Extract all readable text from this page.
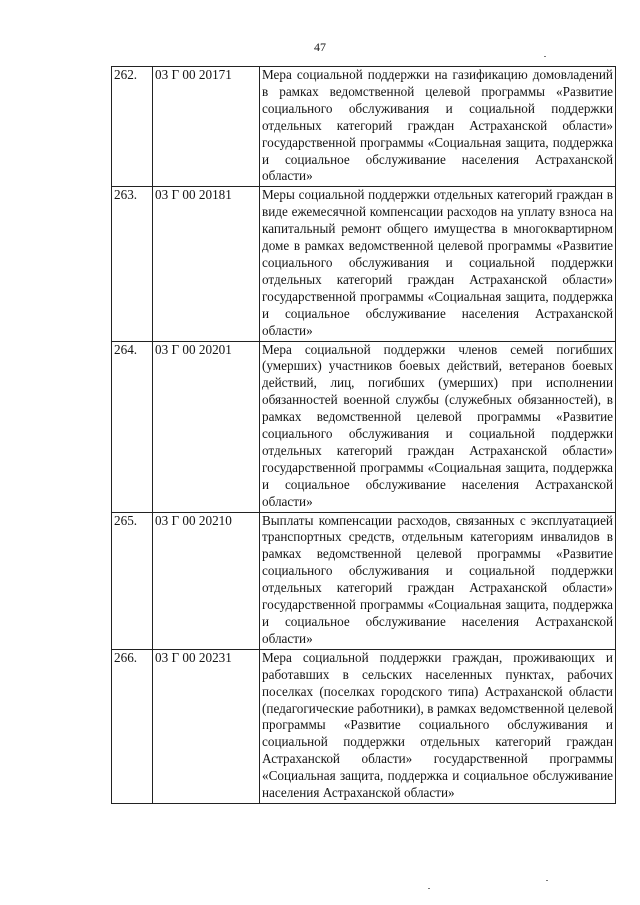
47
262.	03 Г 00 20171	Мера социальной поддержки на газификацию домовладений в рамках ведомственной целевой программы «Развитие социального обслуживания и социальной поддержки отдельных категорий граждан Астраханской области» государственной программы «Социальная защита, поддержка и социальное обслуживание населения Астраханской области»
263.	03 Г 00 20181	Меры социальной поддержки отдельных категорий граждан в виде ежемесячной компенсации расходов на уплату взноса на капитальный ремонт общего имущества в многоквартирном доме в рамках ведомственной целевой программы «Развитие социального обслуживания и социальной поддержки отдельных категорий граждан Астраханской области» государственной программы «Социальная защита, поддержка и социальное обслуживание населения Астраханской области»
264.	03 Г 00 20201	Мера социальной поддержки членов семей погибших (умерших) участников боевых действий, ветеранов боевых действий, лиц, погибших (умерших) при исполнении обязанностей военной службы (служебных обязанностей), в рамках ведомственной целевой программы «Развитие социального обслуживания и социальной поддержки отдельных категорий граждан Астраханской области» государственной программы «Социальная защита, поддержка и социальное обслуживание населения Астраханской области»
265.	03 Г 00 20210	Выплаты компенсации расходов, связанных с эксплуатацией транспортных средств, отдельным категориям инвалидов в рамках ведомственной целевой программы «Развитие социального обслуживания и социальной поддержки отдельных категорий граждан Астраханской области» государственной программы «Социальная защита, поддержка и социальное обслуживание населения Астраханской области»
266.	03 Г 00 20231	Мера социальной поддержки граждан, проживающих и работавших в сельских населенных пунктах, рабочих поселках (поселках городского типа) Астраханской области (педагогические работники), в рамках ведомственной целевой программы «Развитие социального обслуживания и социальной поддержки отдельных категорий граждан Астраханской области» государственной программы «Социальная защита, поддержка и социальное обслуживание населения Астраханской области»
